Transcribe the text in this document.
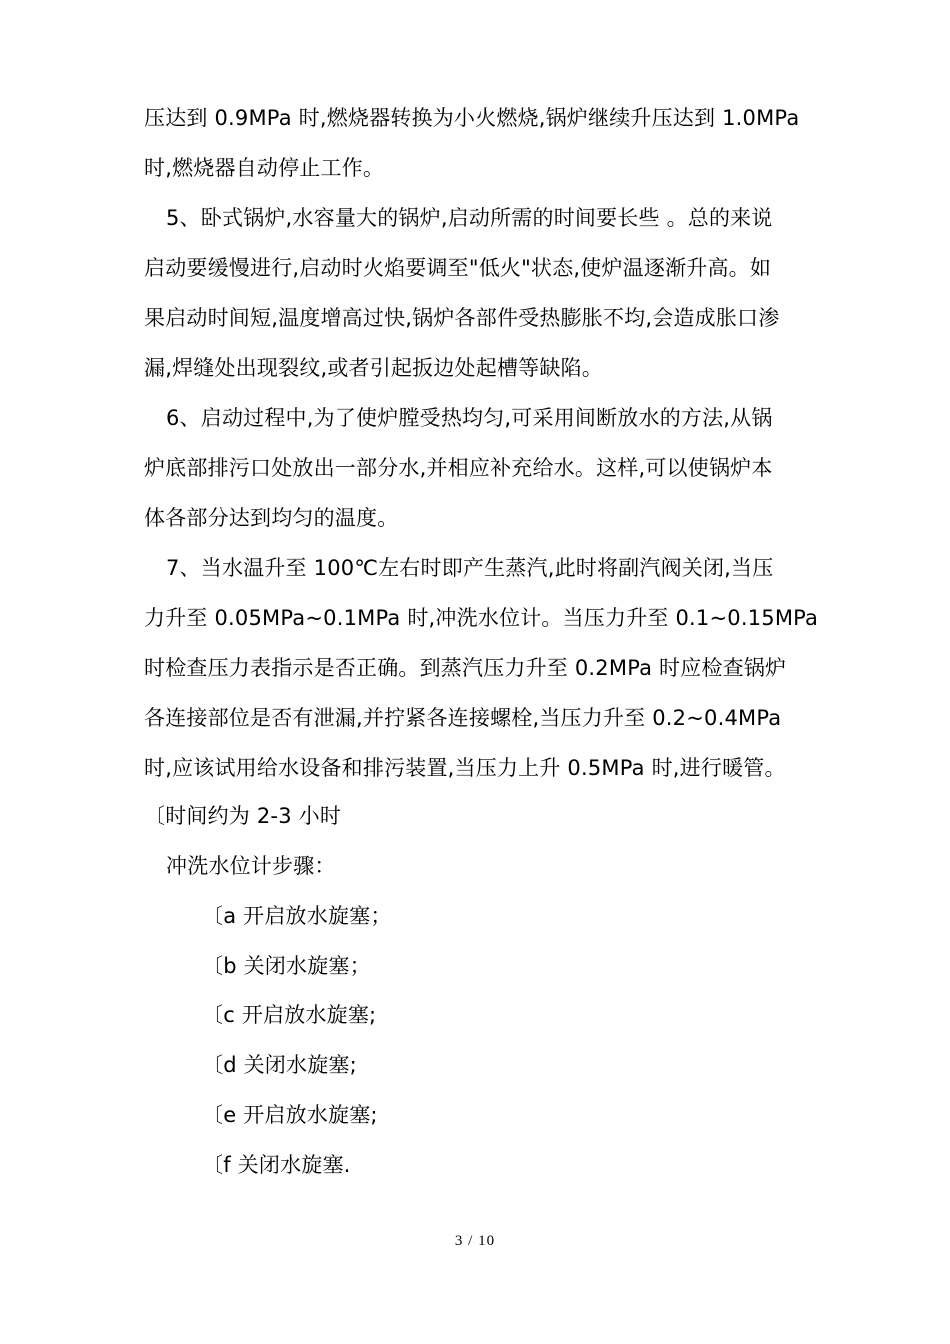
压达到 0.9MPa 时,燃烧器转换为小火燃烧,锅炉继续升压达到 1.0MPa
时,燃烧器自动停止工作。
5、卧式锅炉,水容量大的锅炉,启动所需的时间要长些 。总的来说
启动要缓慢进行,启动时火焰要调至"低火"状态,使炉温逐渐升高。如
果启动时间短,温度增高过快,锅炉各部件受热膨胀不均,会造成胀口渗
漏,焊缝处出现裂纹,或者引起扳边处起槽等缺陷。
6、启动过程中,为了使炉膛受热均匀,可采用间断放水的方法,从锅
炉底部排污口处放出一部分水,并相应补充给水。这样,可以使锅炉本
体各部分达到均匀的温度。
7、当水温升至 100℃左右时即产生蒸汽,此时将副汽阀关闭,当压
力升至 0.05MPa~0.1MPa 时,冲洗水位计。当压力升至 0.1~0.15MPa
时检查压力表指示是否正确。到蒸汽压力升至 0.2MPa 时应检查锅炉
各连接部位是否有泄漏,并拧紧各连接螺栓,当压力升至 0.2~0.4MPa
时,应该试用给水设备和排污装置,当压力上升 0.5MPa 时,进行暖管。
〔时间约为 2-3 小时
冲洗水位计步骤：
〔a 开启放水旋塞；
〔b 关闭水旋塞；
〔c 开启放水旋塞;
〔d 关闭水旋塞;
〔e 开启放水旋塞;
〔f 关闭水旋塞.
3 / 10
